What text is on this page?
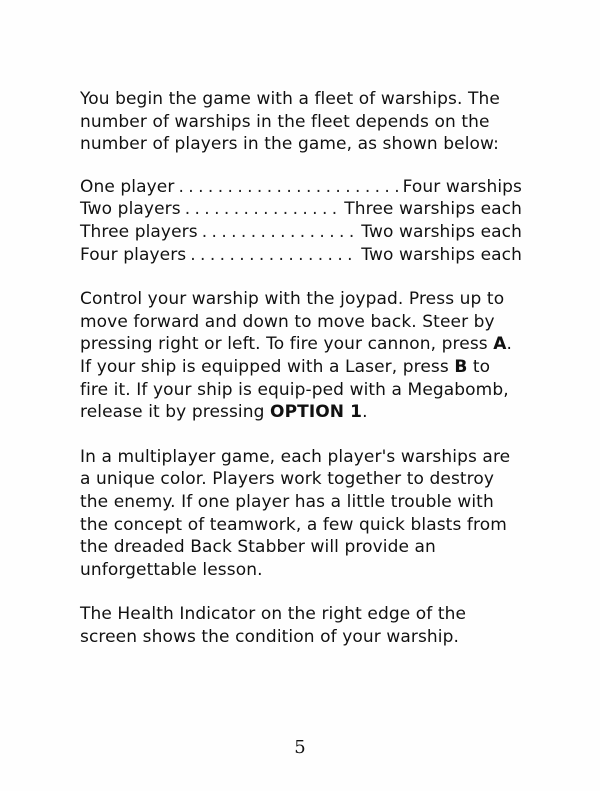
You begin the game with a fleet of warships. The number of warships in the fleet depends on the number of players in the game, as shown below:

One player . . .	Four warships
Two players . . .	Three warships each
Three players . . .	Two warships each
Four players . . .	Two warships each

Control your warship with the joypad. Press up to move forward and down to move back. Steer by pressing right or left. To fire your cannon, press A. If your ship is equipped with a Laser, press B to fire it. If your ship is equip-ped with a Megabomb, release it by pressing OPTION 1.

In a multiplayer game, each player's warships are a unique color. Players work together to destroy the enemy. If one player has a little trouble with the concept of teamwork, a few quick blasts from the dreaded Back Stabber will provide an unforgettable lesson.

The Health Indicator on the right edge of the screen shows the condition of your warship.

5
